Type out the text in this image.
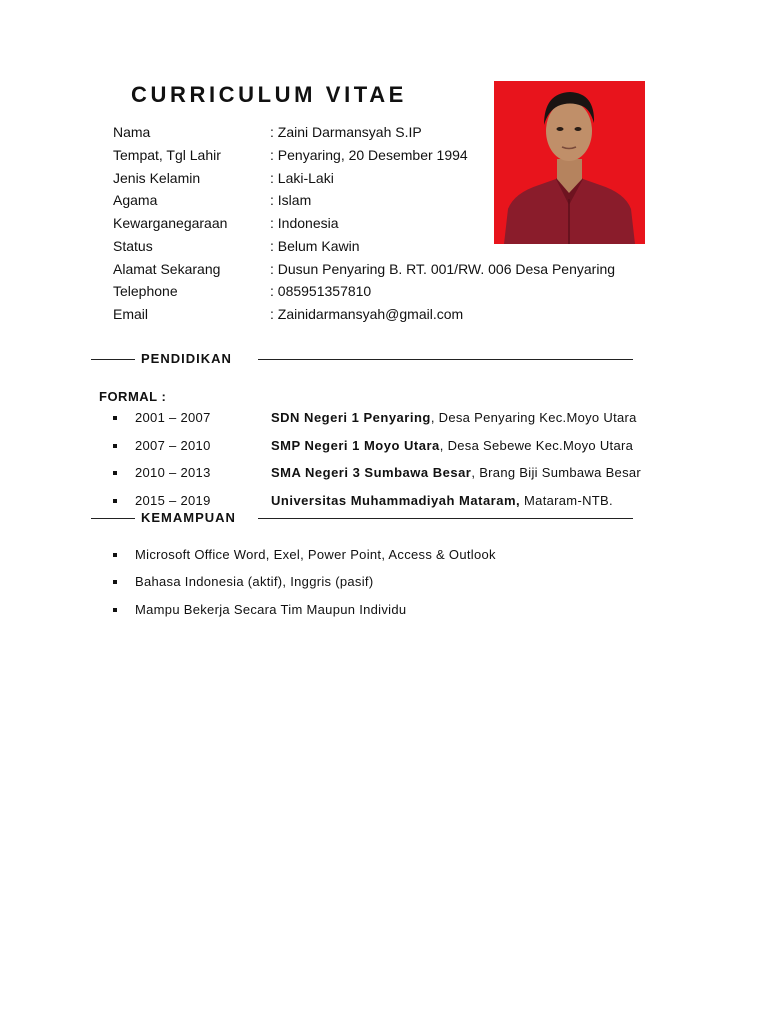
CURRICULUM VITAE
Nama	: Zaini Darmansyah S.IP
Tempat, Tgl Lahir	: Penyaring, 20 Desember 1994
Jenis Kelamin	: Laki-Laki
Agama	: Islam
Kewarganegaraan	: Indonesia
Status	: Belum Kawin
Alamat Sekarang	: Dusun Penyaring B. RT. 001/RW. 006 Desa Penyaring
Telephone	: 085951357810
Email	: Zainidarmansyah@gmail.com
PENDIDIKAN
FORMAL :
2001 – 2007	SDN Negeri 1 Penyaring, Desa Penyaring Kec.Moyo Utara
2007 – 2010	SMP Negeri 1 Moyo Utara, Desa Sebewe Kec.Moyo Utara
2010 – 2013	SMA Negeri 3 Sumbawa Besar, Brang Biji Sumbawa Besar
2015 – 2019	Universitas Muhammadiyah Mataram, Mataram-NTB.
KEMAMPUAN
Microsoft Office Word, Exel, Power Point, Access & Outlook
Bahasa Indonesia (aktif), Inggris (pasif)
Mampu Bekerja Secara Tim Maupun Individu
